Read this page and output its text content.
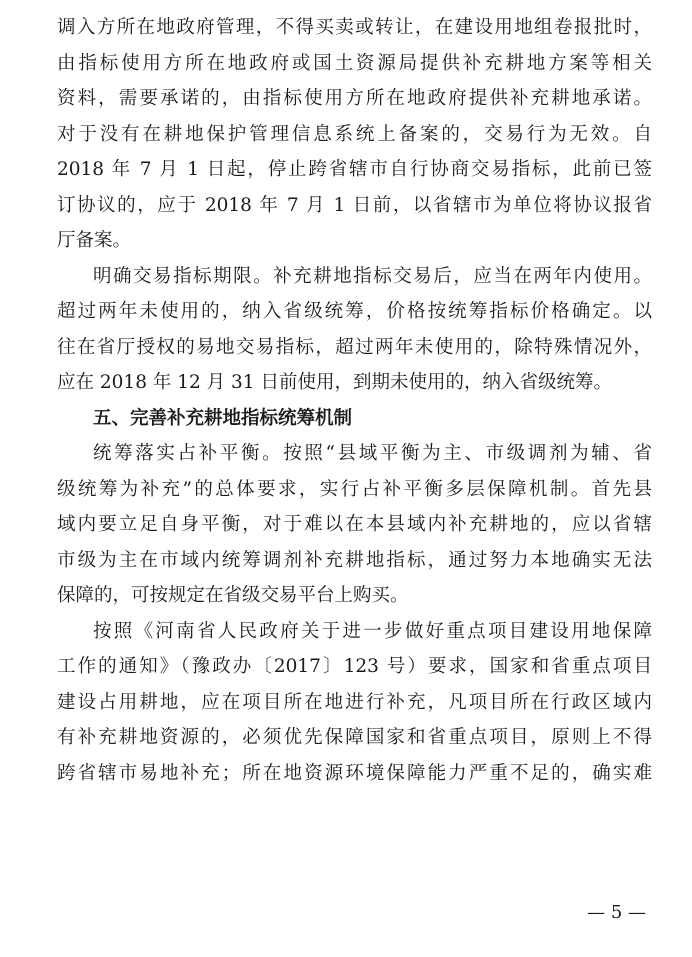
调入方所在地政府管理，不得买卖或转让，在建设用地组卷报批时，
由指标使用方所在地政府或国土资源局提供补充耕地方案等相关
资料，需要承诺的，由指标使用方所在地政府提供补充耕地承诺。
对于没有在耕地保护管理信息系统上备案的，交易行为无效。自
2018 年 7 月 1 日起，停止跨省辖市自行协商交易指标，此前已签
订协议的，应于 2018 年 7 月 1 日前，以省辖市为单位将协议报省
厅备案。
明确交易指标期限。补充耕地指标交易后，应当在两年内使用。
超过两年未使用的，纳入省级统筹，价格按统筹指标价格确定。以
往在省厅授权的易地交易指标，超过两年未使用的，除特殊情况外，
应在 2018 年 12 月 31 日前使用，到期未使用的，纳入省级统筹。
五、完善补充耕地指标统筹机制
统筹落实占补平衡。按照“县域平衡为主、市级调剂为辅、省
级统筹为补充”的总体要求，实行占补平衡多层保障机制。首先县
域内要立足自身平衡，对于难以在本县域内补充耕地的，应以省辖
市级为主在市域内统筹调剂补充耕地指标，通过努力本地确实无法
保障的，可按规定在省级交易平台上购买。
按照《河南省人民政府关于进一步做好重点项目建设用地保障
工作的通知》（豫政办〔2017〕123 号）要求，国家和省重点项目
建设占用耕地，应在项目所在地进行补充，凡项目所在行政区域内
有补充耕地资源的，必须优先保障国家和省重点项目，原则上不得
跨省辖市易地补充；所在地资源环境保障能力严重不足的，确实难
— 5 —
